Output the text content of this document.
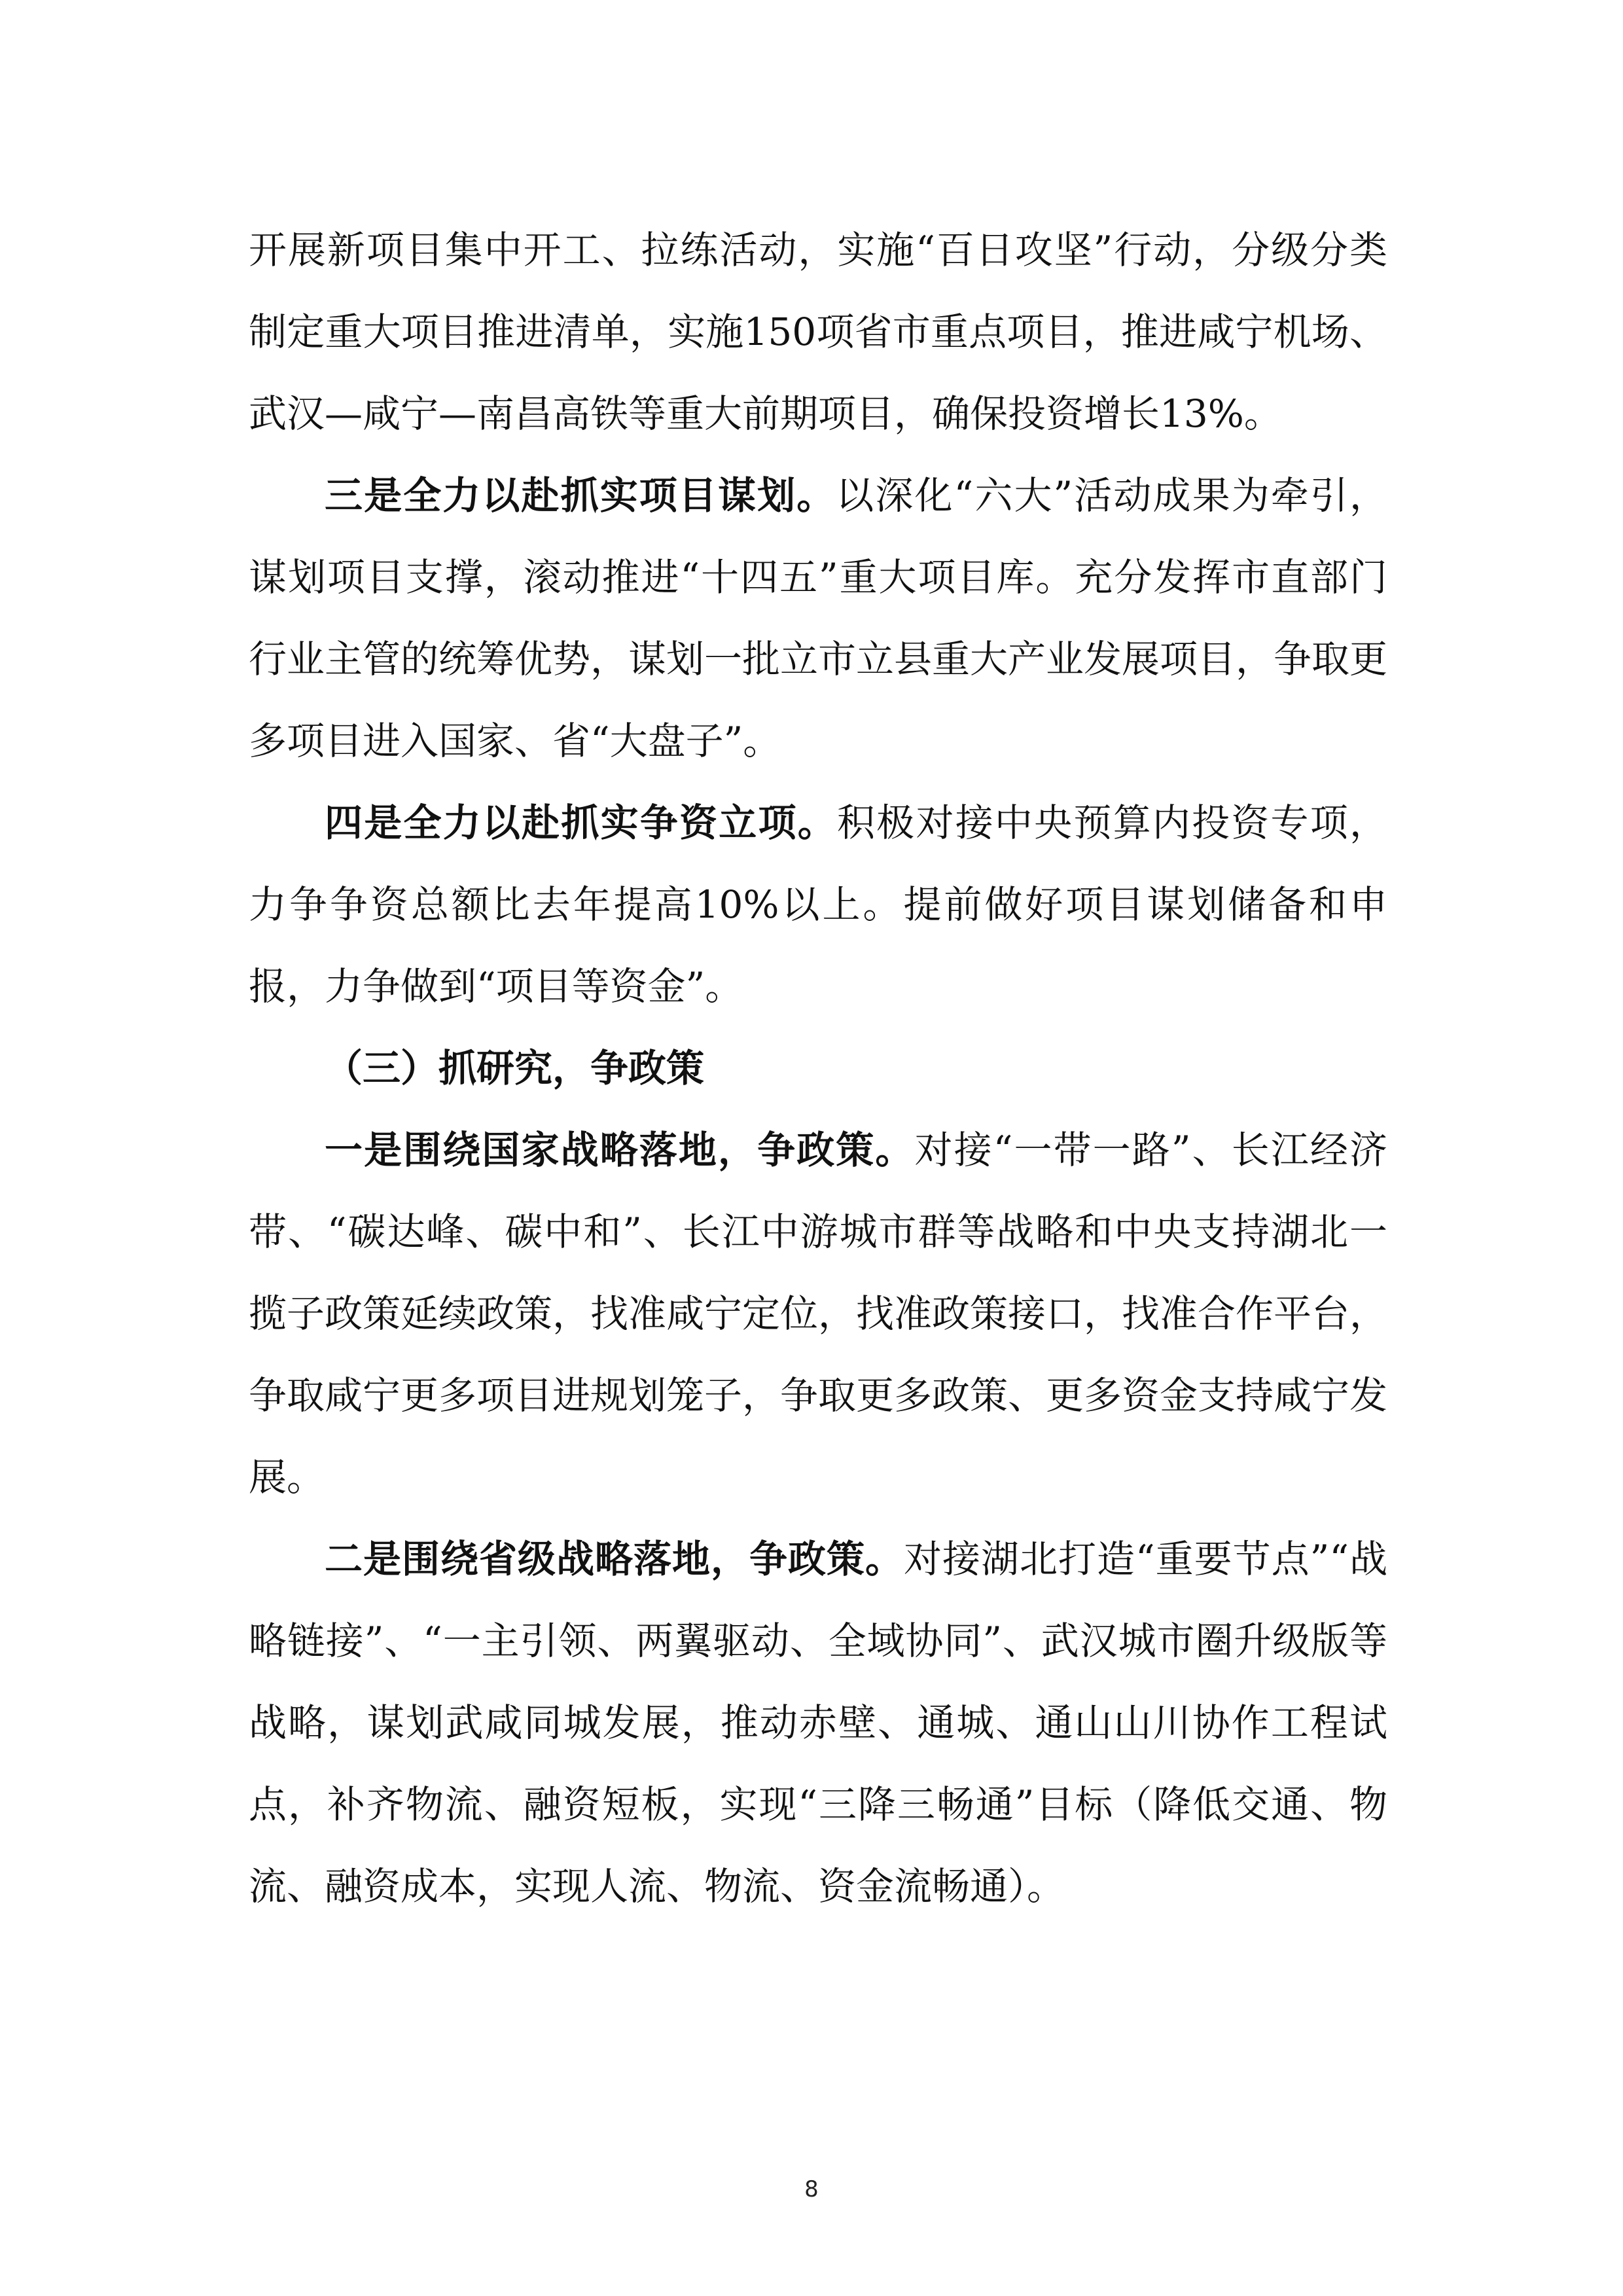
开展新项目集中开工、拉练活动，实施“百日攻坚”行动，分级分类制定重大项目推进清单，实施150项省市重点项目，推进咸宁机场、武汉—咸宁—南昌高铁等重大前期项目，确保投资增长13%。

三是全力以赴抓实项目谋划。以深化“六大”活动成果为牵引，谋划项目支撑，滚动推进“十四五”重大项目库。充分发挥市直部门行业主管的统筹优势，谋划一批立市立县重大产业发展项目，争取更多项目进入国家、省“大盘子”。

四是全力以赴抓实争资立项。积极对接中央预算内投资专项，力争争资总额比去年提高10%以上。提前做好项目谋划储备和申报，力争做到“项目等资金”。

（三）抓研究，争政策

一是围绕国家战略落地，争政策。对接“一带一路”、长江经济带、“碳达峰、碳中和”、长江中游城市群等战略和中央支持湖北一揽子政策延续政策，找准咸宁定位，找准政策接口，找准合作平台，争取咸宁更多项目进规划笼子，争取更多政策、更多资金支持咸宁发展。

二是围绕省级战略落地，争政策。对接湖北打造“重要节点”“战略链接”、“一主引领、两翼驱动、全域协同”、武汉城市圈升级版等战略，谋划武咸同城发展，推动赤壁、通城、通山山川协作工程试点，补齐物流、融资短板，实现“三降三畅通”目标（降低交通、物流、融资成本，实现人流、物流、资金流畅通）。

8
